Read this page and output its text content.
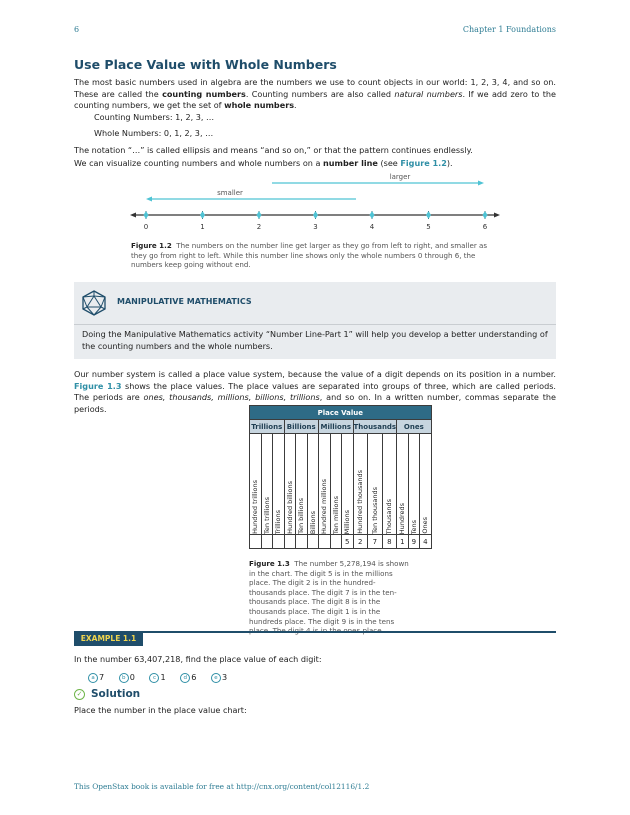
6	Chapter 1 Foundations
Use Place Value with Whole Numbers
The most basic numbers used in algebra are the numbers we use to count objects in our world: 1, 2, 3, 4, and so on. These are called the counting numbers. Counting numbers are also called natural numbers. If we add zero to the counting numbers, we get the set of whole numbers.
Counting Numbers: 1, 2, 3, …
Whole Numbers: 0, 1, 2, 3, …
The notation “…” is called ellipsis and means “and so on,” or that the pattern continues endlessly.
We can visualize counting numbers and whole numbers on a number line (see Figure 1.2).
larger
smaller
0	1	2	3	4	5	6
Figure 1.2 The numbers on the number line get larger as they go from left to right, and smaller as they go from right to left. While this number line shows only the whole numbers 0 through 6, the numbers keep going without end.
MANIPULATIVE MATHEMATICS
Doing the Manipulative Mathematics activity “Number Line-Part 1” will help you develop a better understanding of the counting numbers and the whole numbers.
Our number system is called a place value system, because the value of a digit depends on its position in a number. Figure 1.3 shows the place values. The place values are separated into groups of three, which are called periods. The periods are ones, thousands, millions, billions, trillions, and so on. In a written number, commas separate the periods.	Place Value														
Trillions			Billions			Millions			Thousands			Ones		

Hundred trillions	Ten trillions	Trillions	Hundred billions	Ten billions	Billions	Hundred millions	Ten millions	Millions	Hundred thousands	Ten thousands	Thousands	Hundreds	Tens	Ones

								5	2	7	8	1	9	4
Figure 1.3 The number 5,278,194 is shown in the chart. The digit 5 is in the millions place. The digit 2 is in the hundred-thousands place. The digit 7 is in the ten-thousands place. The digit 8 is in the thousands place. The digit 1 is in the hundreds place. The digit 9 is in the tens
EXAMPLE 1.1
In the number 63,407,218, find the place value of each digit:
a 7	b 0	c 1	d 6	e 3
✓ Solution
Place the number in the place value chart:
This OpenStax book is available for free at http://cnx.org/content/col12116/1.2
